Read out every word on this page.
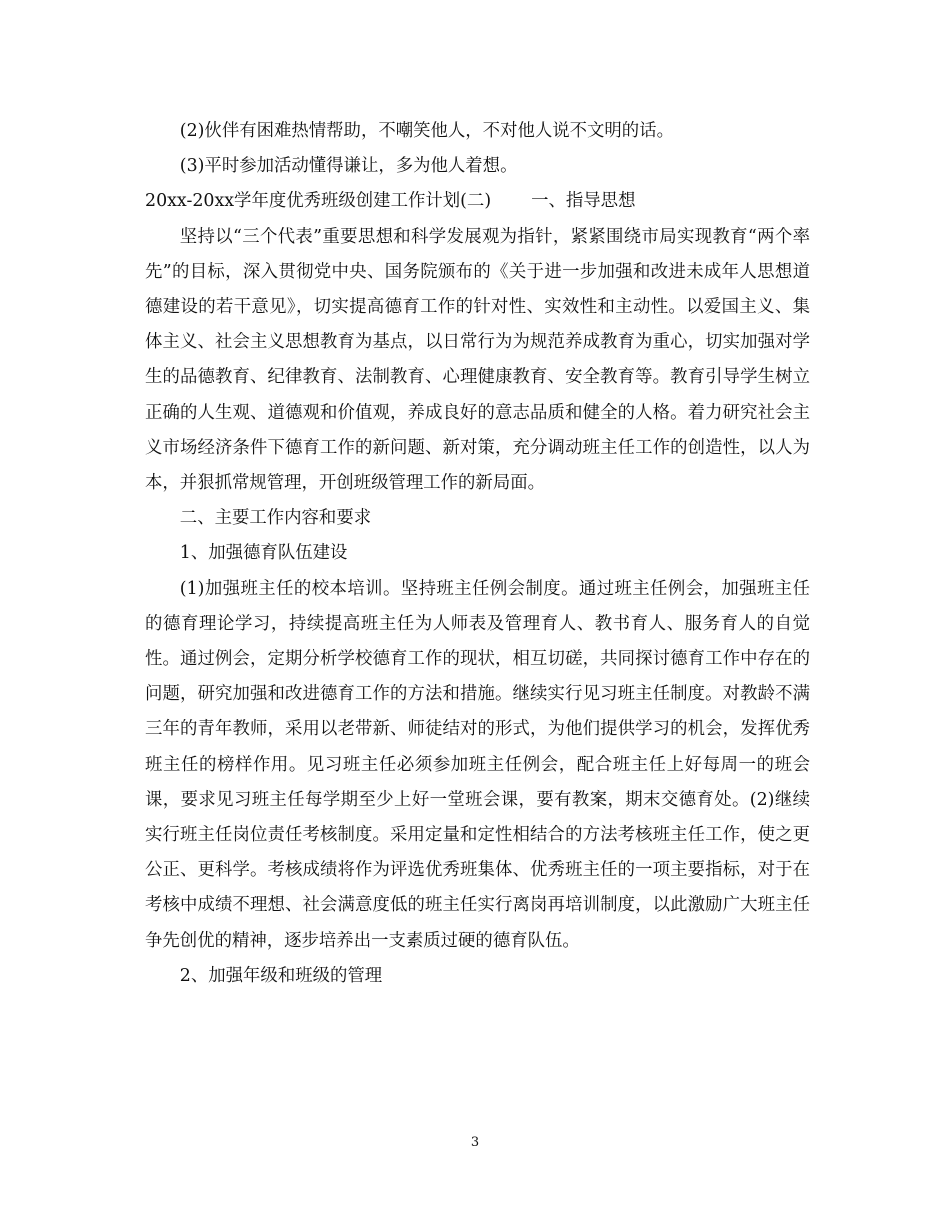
(2)伙伴有困难热情帮助，不嘲笑他人，不对他人说不文明的话。

(3)平时参加活动懂得谦让，多为他人着想。

20xx-20xx学年度优秀班级创建工作计划(二) 一、指导思想

坚持以“三个代表”重要思想和科学发展观为指针，紧紧围绕市局实现教育“两个率先”的目标，深入贯彻党中央、国务院颁布的《关于进一步加强和改进未成年人思想道德建设的若干意见》，切实提高德育工作的针对性、实效性和主动性。以爱国主义、集体主义、社会主义思想教育为基点，以日常行为为规范养成教育为重心，切实加强对学生的品德教育、纪律教育、法制教育、心理健康教育、安全教育等。教育引导学生树立正确的人生观、道德观和价值观，养成良好的意志品质和健全的人格。着力研究社会主义市场经济条件下德育工作的新问题、新对策，充分调动班主任工作的创造性，以人为本，并狠抓常规管理，开创班级管理工作的新局面。

二、主要工作内容和要求

1、加强德育队伍建设

(1)加强班主任的校本培训。坚持班主任例会制度。通过班主任例会，加强班主任的德育理论学习，持续提高班主任为人师表及管理育人、教书育人、服务育人的自觉性。通过例会，定期分析学校德育工作的现状，相互切磋，共同探讨德育工作中存在的问题，研究加强和改进德育工作的方法和措施。继续实行见习班主任制度。对教龄不满三年的青年教师，采用以老带新、师徒结对的形式，为他们提供学习的机会，发挥优秀班主任的榜样作用。见习班主任必须参加班主任例会，配合班主任上好每周一的班会课，要求见习班主任每学期至少上好一堂班会课，要有教案，期末交德育处。(2)继续实行班主任岗位责任考核制度。采用定量和定性相结合的方法考核班主任工作，使之更公正、更科学。考核成绩将作为评选优秀班集体、优秀班主任的一项主要指标，对于在考核中成绩不理想、社会满意度低的班主任实行离岗再培训制度，以此激励广大班主任争先创优的精神，逐步培养出一支素质过硬的德育队伍。

2、加强年级和班级的管理

3
